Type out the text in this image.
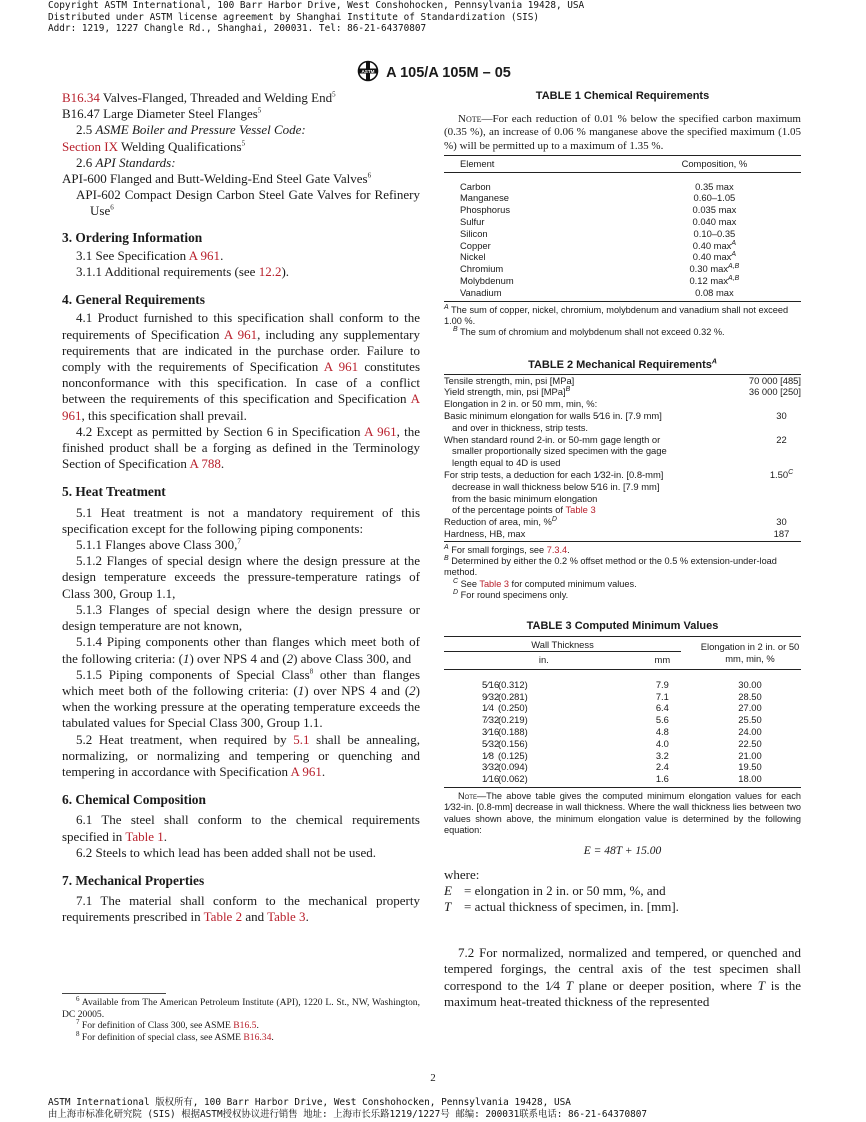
Copyright ASTM International, 100 Barr Harbor Drive, West Conshohocken, Pennsylvania 19428, USA
Distributed under ASTM license agreement by Shanghai Institute of Standardization (SIS)
Addr: 1219, 1227 Changle Rd., Shanghai, 200031. Tel: 86-21-64370807
ASTM A 105/A 105M – 05
B16.34 Valves-Flanged, Threaded and Welding End$^5$
B16.47 Large Diameter Steel Flanges$^5$
2.5 ASME Boiler and Pressure Vessel Code:
Section IX Welding Qualifications$^5$
2.6 API Standards:
API-600 Flanged and Butt-Welding-End Steel Gate Valves$^6$
API-602 Compact Design Carbon Steel Gate Valves for Refinery Use$^6$
3. Ordering Information
3.1 See Specification A 961.
3.1.1 Additional requirements (see 12.2).
4. General Requirements
4.1 Product furnished to this specification shall conform to the requirements of Specification A 961, including any supplementary requirements that are indicated in the purchase order. Failure to comply with the requirements of Specification A 961 constitutes nonconformance with this specification. In case of a conflict between the requirements of this specification and Specification A 961, this specification shall prevail.
4.2 Except as permitted by Section 6 in Specification A 961, the finished product shall be a forging as defined in the Terminology Section of Specification A 788.
5. Heat Treatment
5.1 Heat treatment is not a mandatory requirement of this specification except for the following piping components:
5.1.1 Flanges above Class 300,$^7$
5.1.2 Flanges of special design where the design pressure at the design temperature exceeds the pressure-temperature ratings of Class 300, Group 1.1,
5.1.3 Flanges of special design where the design pressure or design temperature are not known,
5.1.4 Piping components other than flanges which meet both of the following criteria: (1) over NPS 4 and (2) above Class 300, and
5.1.5 Piping components of Special Class$^8$ other than flanges which meet both of the following criteria: (1) over NPS 4 and (2) when the working pressure at the operating temperature exceeds the tabulated values for Special Class 300, Group 1.1.
5.2 Heat treatment, when required by 5.1 shall be annealing, normalizing, or normalizing and tempering or quenching and tempering in accordance with Specification A 961.
6. Chemical Composition
6.1 The steel shall conform to the chemical requirements specified in Table 1.
6.2 Steels to which lead has been added shall not be used.
7. Mechanical Properties
7.1 The material shall conform to the mechanical property requirements prescribed in Table 2 and Table 3.
$^6$ Available from The American Petroleum Institute (API), 1220 L. St., NW, Washington, DC 20005.
$^7$ For definition of Class 300, see ASME B16.5.
$^8$ For definition of special class, see ASME B16.34.
TABLE 1 Chemical Requirements
Note—For each reduction of 0.01 % below the specified carbon maximum (0.35 %), an increase of 0.06 % manganese above the specified maximum (1.05 %) will be permitted up to a maximum of 1.35 %.
Element	Composition, %
Carbon	0.35 max
Manganese	0.60–1.05
Phosphorus	0.035 max
Sulfur	0.040 max
Silicon	0.10–0.35
Copper	0.40 $\max^A$
Nickel	0.40 $\max^A$
Chromium	0.30 $\max^{A,B}$
Molybdenum	0.12 $\max^{A,B}$
Vanadium	0.08 max
$^A$ The sum of copper, nickel, chromium, molybdenum and vanadium shall not exceed 1.00 %.
$^B$ The sum of chromium and molybdenum shall not exceed 0.32 %.
TABLE 2 Mechanical Requirements$^A$
Tensile strength, min, psi [MPa]	70 000 [485]
Yield strength, min, psi [MPa]$^B$	36 000 [250]
Elongation in 2 in. or 50 mm, min, %:	

Basic minimum elongation for walls 5⁄16 in. [7.9 mm]
and over in thickness, strip tests.	30

When standard round 2-in. or 50-mm gage length or
smaller proportionally sized specimen with the gage
length equal to 4D is used	22

For strip tests, a deduction for each 1⁄32-in. [0.8-mm]
decrease in wall thickness below 5⁄16 in. [7.9 mm]
from the basic minimum elongation
of the percentage points of Table 3	$1.50^C$
Reduction of area, min, %$^D$	30
Hardness, HB, max	187
$^A$ For small forgings, see 7.3.4.
$^B$ Determined by either the 0.2 % offset method or the 0.5 % extension-under-load method.
$^C$ See Table 3 for computed minimum values.
$^D$ For round specimens only.
TABLE 3 Computed Minimum Values
Wall Thickness		Elongation in 2 in. or 50 mm, min, %
in.	mm	
5⁄16(0.312)	7.9	30.00
9⁄32(0.281)	7.1	28.50
1⁄4 (0.250)	6.4	27.00
7⁄32(0.219)	5.6	25.50
3⁄16(0.188)	4.8	24.00
5⁄32(0.156)	4.0	22.50
1⁄8 (0.125)	3.2	21.00
3⁄32(0.094)	2.4	19.50
1⁄16(0.062)	1.6	18.00
Note—The above table gives the computed minimum elongation values for each 1⁄32-in. [0.8-mm] decrease in wall thickness. Where the wall thickness lies between two values shown above, the minimum elongation value is determined by the following equation:
E = 48T + 15.00
where:
E = elongation in 2 in. or 50 mm, %, and
T = actual thickness of specimen, in. [mm].
7.2 For normalized, normalized and tempered, or quenched and tempered forgings, the central axis of the test specimen shall correspond to the 1⁄4 T plane or deeper position, where T is the maximum heat-treated thickness of the represented
2
ASTM International 版权所有, 100 Barr Harbor Drive, West Conshohocken, Pennsylvania 19428, USA
由上海市标准化研究院 (SIS) 根据ASTM授权协议进行销售 地址: 上海市长乐路1219/1227号 邮编: 200031联系电话: 86-21-64370807
